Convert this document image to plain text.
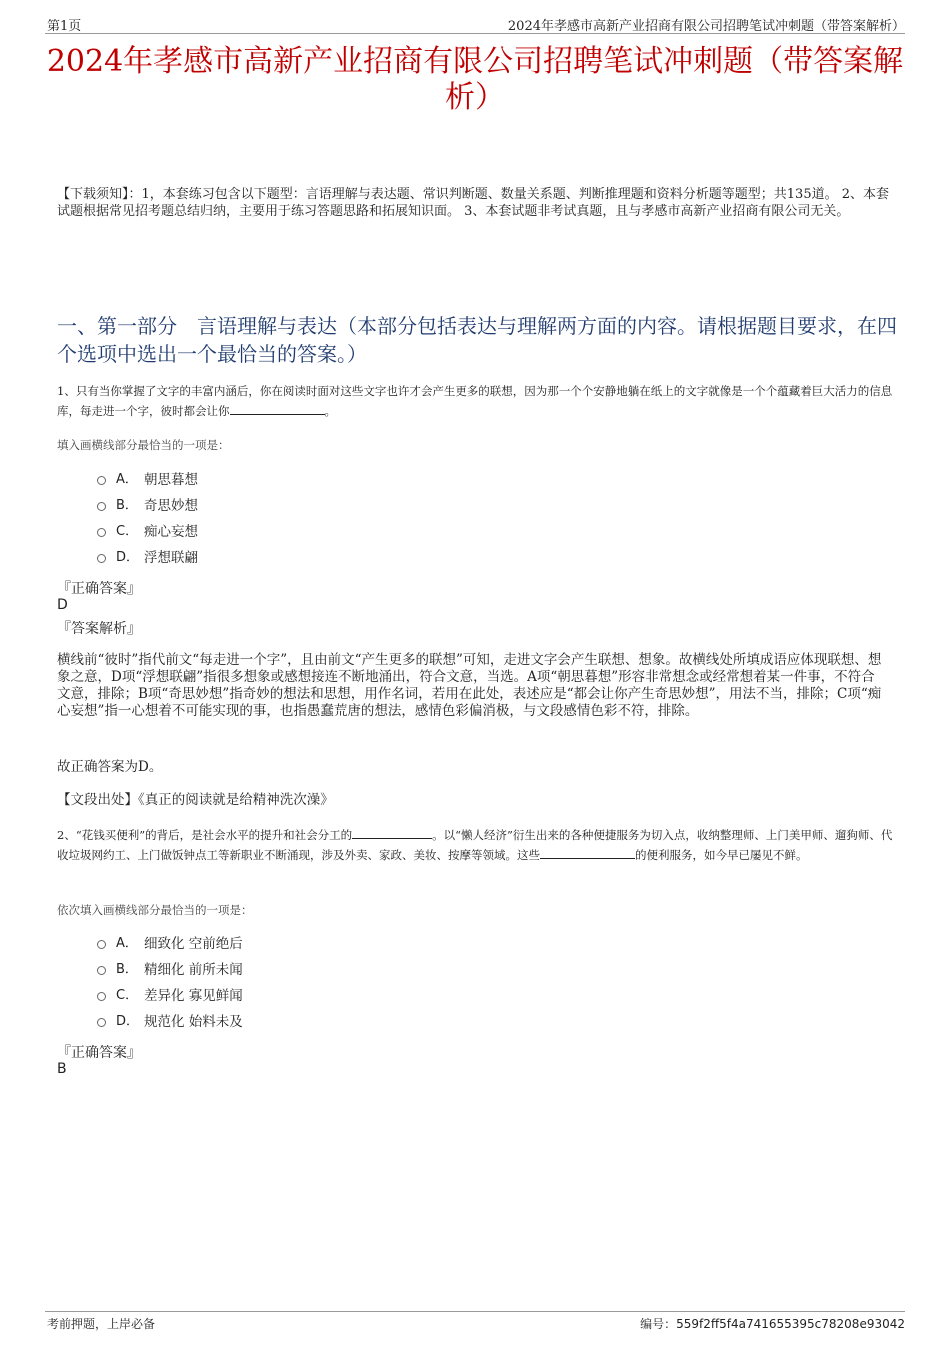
第1页	2024年孝感市高新产业招商有限公司招聘笔试冲刺题（带答案解析）
2024年孝感市高新产业招商有限公司招聘笔试冲刺题（带答案解析）
【下载须知】：1，本套练习包含以下题型：言语理解与表达题、常识判断题、数量关系题、判断推理题和资料分析题等题型；共135道。 2、本套试题根据常见招考题总结归纳，主要用于练习答题思路和拓展知识面。 3、本套试题非考试真题，且与孝感市高新产业招商有限公司无关。
一、第一部分　言语理解与表达（本部分包括表达与理解两方面的内容。请根据题目要求，在四个选项中选出一个最恰当的答案。）
1、只有当你掌握了文字的丰富内涵后，你在阅读时面对这些文字也许才会产生更多的联想，因为那一个个安静地躺在纸上的文字就像是一个个蕴藏着巨大活力的信息库，每走进一个字，彼时都会让你	。
填入画横线部分最恰当的一项是：
A． 朝思暮想
B． 奇思妙想
C． 痴心妄想
D． 浮想联翩
『正确答案』
D
『答案解析』
横线前“彼时”指代前文“每走进一个字”，且由前文“产生更多的联想”可知，走进文字会产生联想、想象。故横线处所填成语应体现联想、想象之意，D项“浮想联翩”指很多想象或感想接连不断地涌出，符合文意，当选。A项“朝思暮想”形容非常想念或经常想着某一件事，不符合文意，排除；B项“奇思妙想”指奇妙的想法和思想，用作名词，若用在此处，表述应是“都会让你产生奇思妙想”，用法不当，排除；C项“痴心妄想”指一心想着不可能实现的事，也指愚蠢荒唐的想法，感情色彩偏消极，与文段感情色彩不符，排除。
故正确答案为D。
【文段出处】《真正的阅读就是给精神洗次澡》
2、“花钱买便利”的背后，是社会水平的提升和社会分工的	。以“懒人经济”衍生出来的各种便捷服务为切入点，收纳整理师、上门美甲师、遛狗师、代收垃圾网约工、上门做饭钟点工等新职业不断涌现，涉及外卖、家政、美妆、按摩等领域。这些	的便利服务，如今早已屡见不鲜。
依次填入画横线部分最恰当的一项是：
A． 细致化 空前绝后
B． 精细化 前所未闻
C． 差异化 寡见鲜闻
D． 规范化 始料未及
『正确答案』
B
考前押题，上岸必备	编号：559f2ff5f4a741655395c78208e93042
